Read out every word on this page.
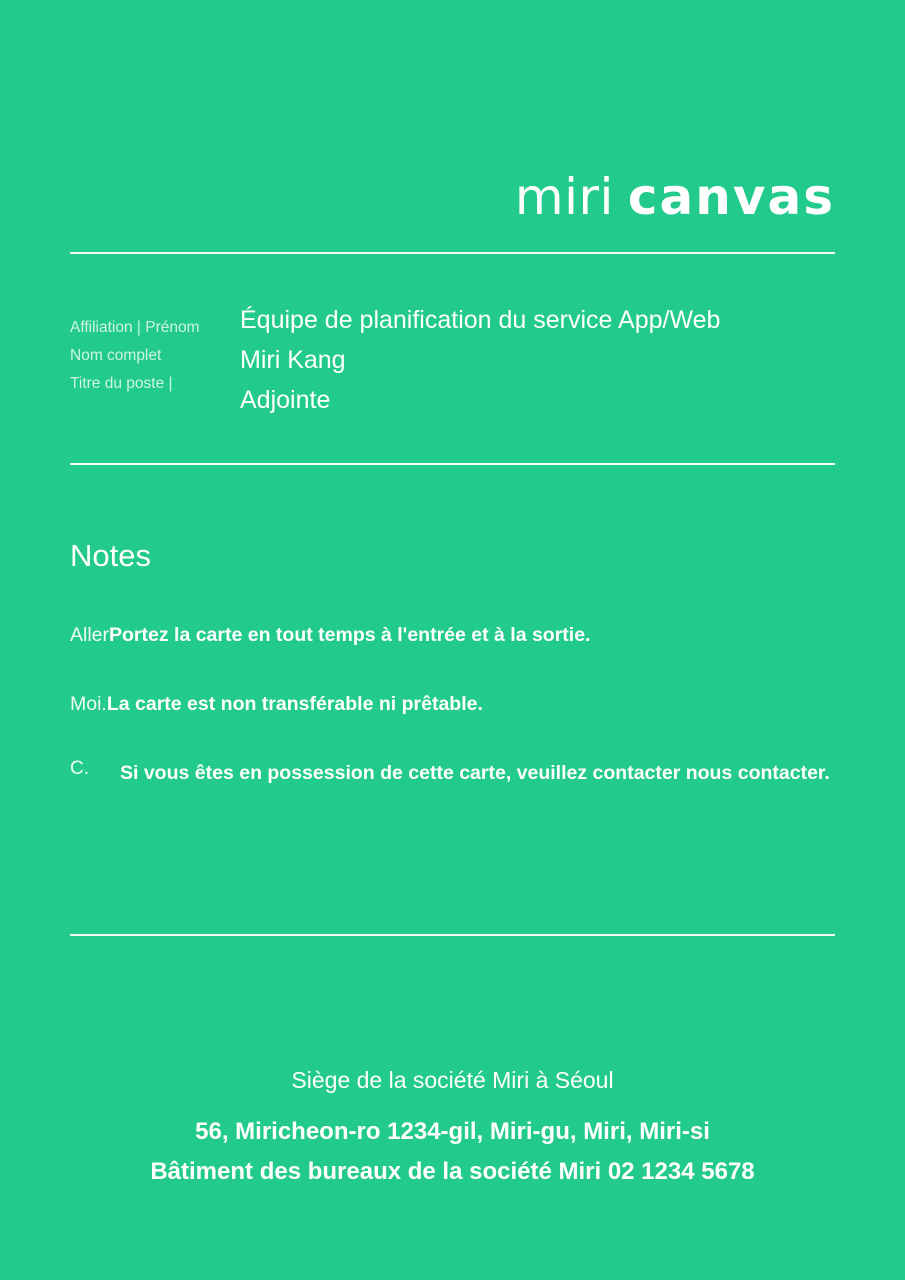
miri canvas
Affiliation | Prénom
Nom complet
Titre du poste |
Équipe de planification du service App/Web
Miri Kang
Adjointe
Notes
AllerPortez la carte en tout temps à l'entrée et à la sortie.
Moi.La carte est non transférable ni prêtable.
C. Si vous êtes en possession de cette carte, veuillez contacter nous contacter.
Siège de la société Miri à Séoul
56, Miricheon-ro 1234-gil, Miri-gu, Miri, Miri-si
Bâtiment des bureaux de la société Miri 02 1234 5678
